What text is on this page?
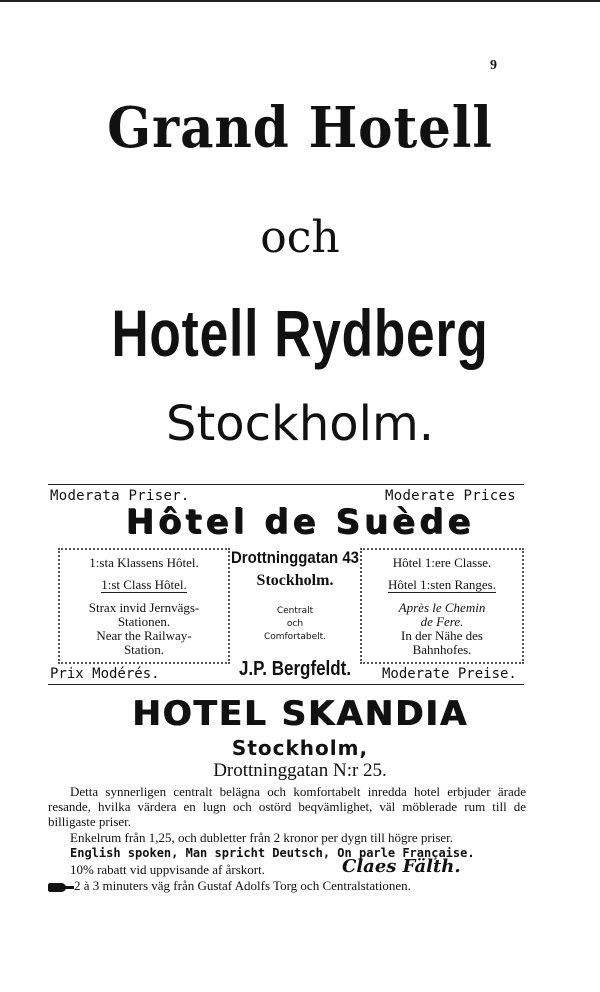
9
Grand Hotell
och
Hotell Rydberg
Stockholm.
Moderata Priser.	Moderate Prices
Hôtel de Suède

1:sta Klassens Hôtel.

1:st Class Hôtel.

Strax invid Jernvägs-

Stationen.

Near the Railway-

Station.

Drottninggatan 43
Stockholm.
Centralt
och
Comfortabelt.
J.P. Bergfeldt.

Hôtel 1:ere Classe.

Hôtel 1:sten Ranges.

Après le Chemin

de Fere.

In der Nähe des

Bahnhofes.

Prix Modérés.	Moderate Preise.
HOTEL SKANDIA
Stockholm,
Drottninggatan N:r 25.
Detta synnerligen centralt belägna och komfortabelt inredda hotel erbjuder ärade resande, hvilka värdera en lugn och ostörd beqvämlighet, väl möblerade rum till de billigaste priser.
Enkelrum från 1,25, och dubletter från 2 kronor per dygn till högre priser.
English spoken, Man spricht Deutsch, On parle Française.
10% rabatt vid uppvisande af årskort.	Claes Fälth.
2 à 3 minuters väg från Gustaf Adolfs Torg och Centralstationen.
